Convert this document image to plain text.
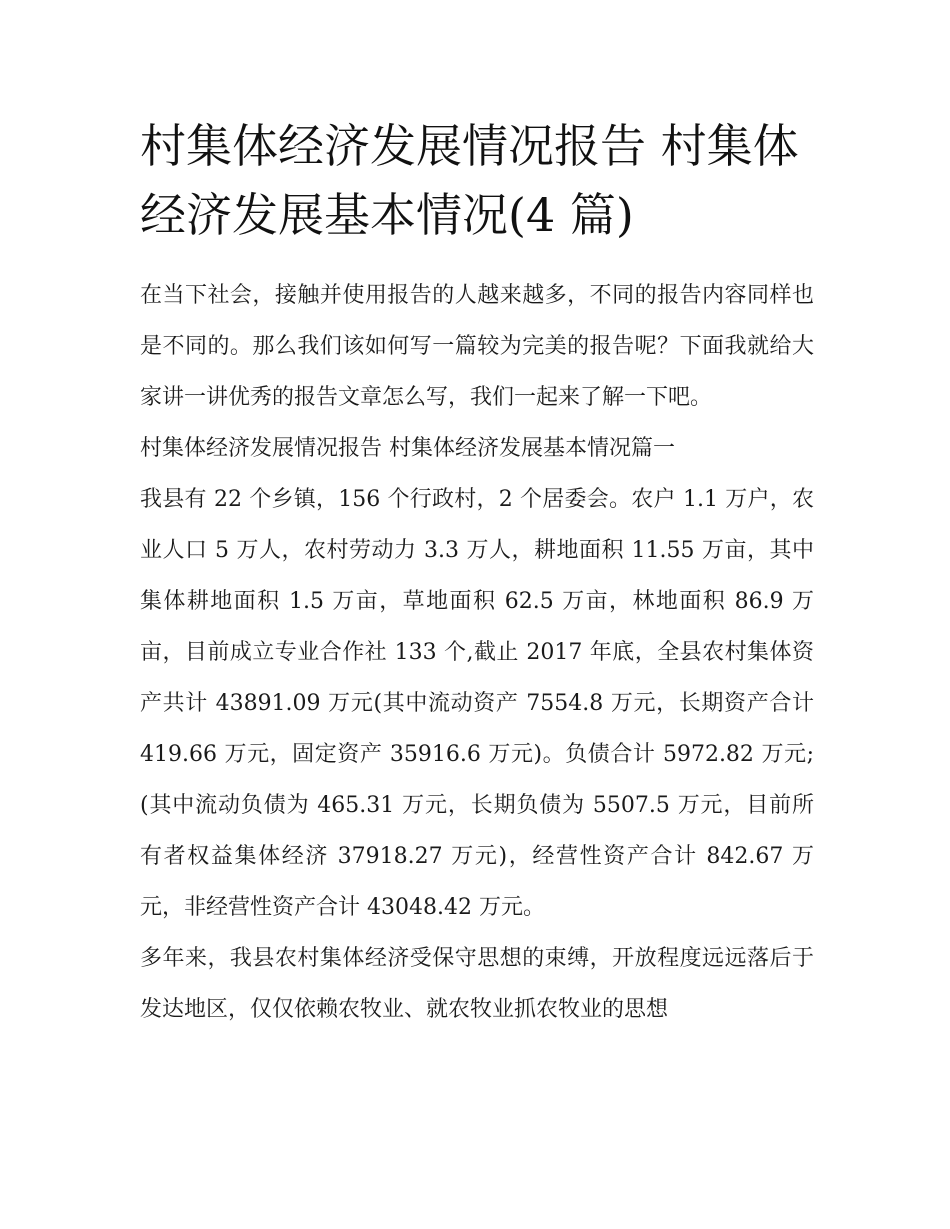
村集体经济发展情况报告 村集体经济发展基本情况(4 篇)

在当下社会，接触并使用报告的人越来越多，不同的报告内容同样也是不同的。那么我们该如何写一篇较为完美的报告呢？下面我就给大家讲一讲优秀的报告文章怎么写，我们一起来了解一下吧。

村集体经济发展情况报告 村集体经济发展基本情况篇一

我县有 22 个乡镇，156 个行政村，2 个居委会。农户 1.1 万户，农业人口 5 万人，农村劳动力 3.3 万人，耕地面积 11.55 万亩，其中集体耕地面积 1.5 万亩，草地面积 62.5 万亩，林地面积 86.9 万亩，目前成立专业合作社 133 个,截止 2017 年底，全县农村集体资产共计 43891.09 万元(其中流动资产 7554.8 万元，长期资产合计 419.66 万元，固定资产 35916.6 万元)。负债合计 5972.82 万元;(其中流动负债为 465.31 万元，长期负债为 5507.5 万元，目前所有者权益集体经济 37918.27 万元)，经营性资产合计 842.67 万元，非经营性资产合计 43048.42 万元。

多年来，我县农村集体经济受保守思想的束缚，开放程度远远落后于发达地区，仅仅依赖农牧业、就农牧业抓农牧业的思想
